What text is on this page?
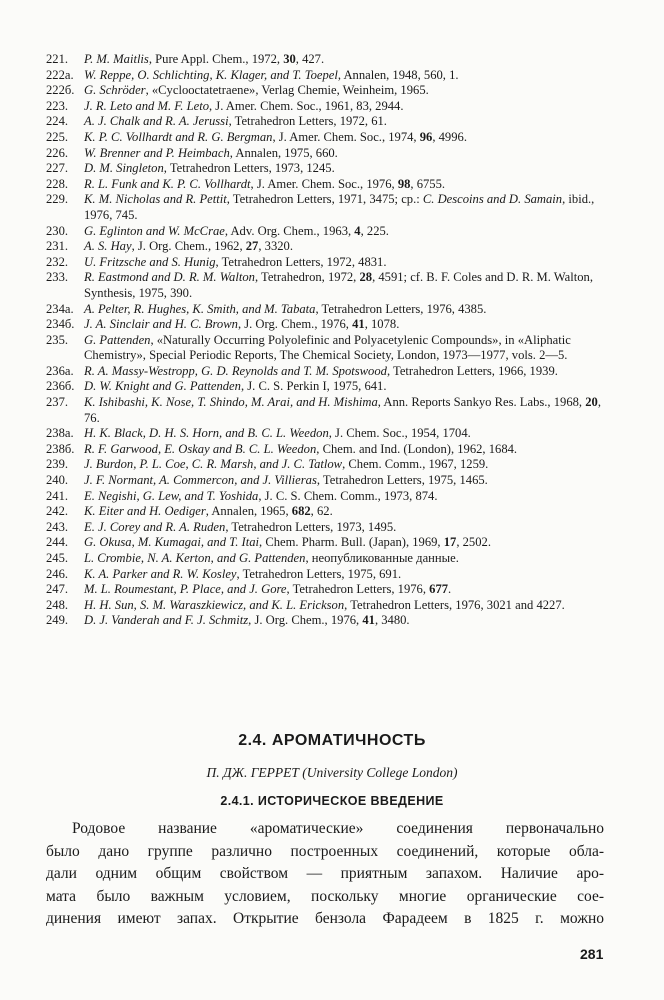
221.	P. M. Maitlis, Pure Appl. Chem., 1972, 30, 427.
222a. W. Reppe, O. Schlichting, K. Klager, and T. Toepel, Annalen, 1948, 560, 1.
222б. G. Schröder, «Cyclooctatetraene», Verlag Chemie, Weinheim, 1965.
223.	J. R. Leto and M. F. Leto, J. Amer. Chem. Soc., 1961, 83, 2944.
224.	A. J. Chalk and R. A. Jerussi, Tetrahedron Letters, 1972, 61.
225.	K. P. C. Vollhardt and R. G. Bergman, J. Amer. Chem. Soc., 1974, 96, 4996.
226.	W. Brenner and P. Heimbach, Annalen, 1975, 660.
227.	D. M. Singleton, Tetrahedron Letters, 1973, 1245.
228.	R. L. Funk and K. P. C. Vollhardt, J. Amer. Chem. Soc., 1976, 98, 6755.
229.	K. M. Nicholas and R. Pettit, Tetrahedron Letters, 1971, 3475; ср.: C. Descoins and D. Samain, ibid., 1976, 745.
230.	G. Eglinton and W. McCrae, Adv. Org. Chem., 1963, 4, 225.
231.	A. S. Hay, J. Org. Chem., 1962, 27, 3320.
232.	U. Fritzsche and S. Hunig, Tetrahedron Letters, 1972, 4831.
233.	R. Eastmond and D. R. M. Walton, Tetrahedron, 1972, 28, 4591; cf. B. F. Coles and D. R. M. Walton, Synthesis, 1975, 390.
234a. A. Pelter, R. Hughes, K. Smith, and M. Tabata, Tetrahedron Letters, 1976, 4385.
234б. J. A. Sinclair and H. C. Brown, J. Org. Chem., 1976, 41, 1078.
235.	G. Pattenden, «Naturally Occurring Polyolefinic and Polyacetylenic Compounds», in «Aliphatic Chemistry», Special Periodic Reports, The Chemical Society, London, 1973—1977, vols. 2—5.
236a. R. A. Massy-Westropp, G. D. Reynolds and T. M. Spotswood, Tetrahedron Letters, 1966, 1939.
236б. D. W. Knight and G. Pattenden, J. C. S. Perkin I, 1975, 641.
237.	K. Ishibashi, K. Nose, T. Shindo, M. Arai, and H. Mishima, Ann. Reports Sankyo Res. Labs., 1968, 20, 76.
238a. H. K. Black, D. H. S. Horn, and B. C. L. Weedon, J. Chem. Soc., 1954, 1704.
238б. R. F. Garwood, E. Oskay and B. C. L. Weedon, Chem. and Ind. (London), 1962, 1684.
239.	J. Burdon, P. L. Coe, C. R. Marsh, and J. C. Tatlow, Chem. Comm., 1967, 1259.
240.	J. F. Normant, A. Commercon, and J. Villieras, Tetrahedron Letters, 1975, 1465.
241.	E. Negishi, G. Lew, and T. Yoshida, J. C. S. Chem. Comm., 1973, 874.
242.	K. Eiter and H. Oediger, Annalen, 1965, 682, 62.
243.	E. J. Corey and R. A. Ruden, Tetrahedron Letters, 1973, 1495.
244.	G. Okusa, M. Kumagai, and T. Itai, Chem. Pharm. Bull. (Japan), 1969, 17, 2502.
245.	L. Crombie, N. A. Kerton, and G. Pattenden, неопубликованные данные.
246.	K. A. Parker and R. W. Kosley, Tetrahedron Letters, 1975, 691.
247.	M. L. Roumestant, P. Place, and J. Gore, Tetrahedron Letters, 1976, 677.
248.	H. H. Sun, S. M. Waraszkiewicz, and K. L. Erickson, Tetrahedron Letters, 1976, 3021 and 4227.
249.	D. J. Vanderah and F. J. Schmitz, J. Org. Chem., 1976, 41, 3480.
2.4. АРОМАТИЧНОСТЬ
П. ДЖ. ГЕРРЕТ (University College London)
2.4.1. ИСТОРИЧЕСКОЕ ВВЕДЕНИЕ
Родовое название «ароматические» соединения первоначально
было дано группе различно построенных соединений, которые обла-
дали одним общим свойством — приятным запахом. Наличие аро-
мата было важным условием, поскольку многие органические сое-
динения имеют запах. Открытие бензола Фарадеем в 1825 г. можно
281
